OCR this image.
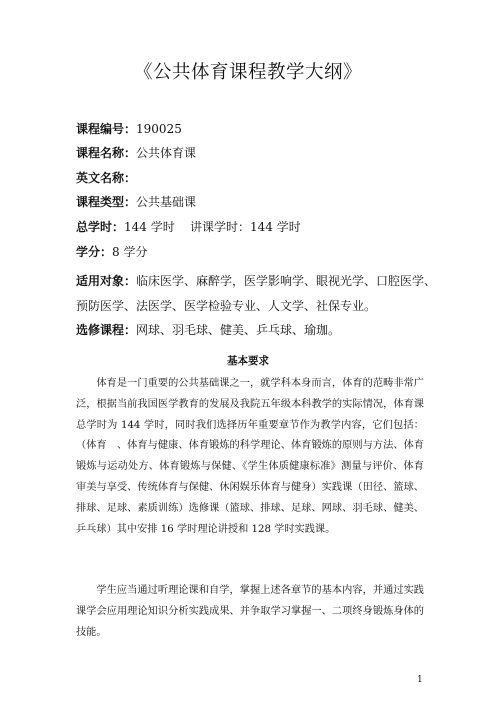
《公共体育课程教学大纲》
课程编号：190025
课程名称：公共体育课
英文名称：
课程类型：公共基础课
总学时：144 学时    讲课学时：144 学时
学分：8 学分
适用对象：临床医学、麻醉学，医学影响学、眼视光学、口腔医学、预防医学、法医学、医学检验专业、人文学、社保专业。
选修课程：网球、羽毛球、健美、乒乓球、瑜珈。
基本要求

体育是一门重要的公共基础课之一，就学科本身而言，体育的范畴非常广泛，根据当前我国医学教育的发展及我院五年级本科教学的实际情况，体育课总学时为 144 学时，同时我们选择历年重要章节作为教学内容，它们包括：（体育　、体育与健康、体育锻炼的科学理论、体育锻炼的原则与方法、体育锻炼与运动处方、体育锻炼与保健、《学生体质健康标准》测量与评价、体育审美与享受、传统体育与保健、休闲娱乐体育与健身）实践课（田径、篮球、排球、足球、素质训练）选修课（篮球、排球、足球、网球、羽毛球、健美、乒乓球）其中安排 16 学时理论讲授和 128 学时实践课。

学生应当通过听理论课和自学，掌握上述各章节的基本内容，并通过实践课学会应用理论知识分析实践成果、并争取学习掌握一、二项终身锻炼身体的技能。

1
